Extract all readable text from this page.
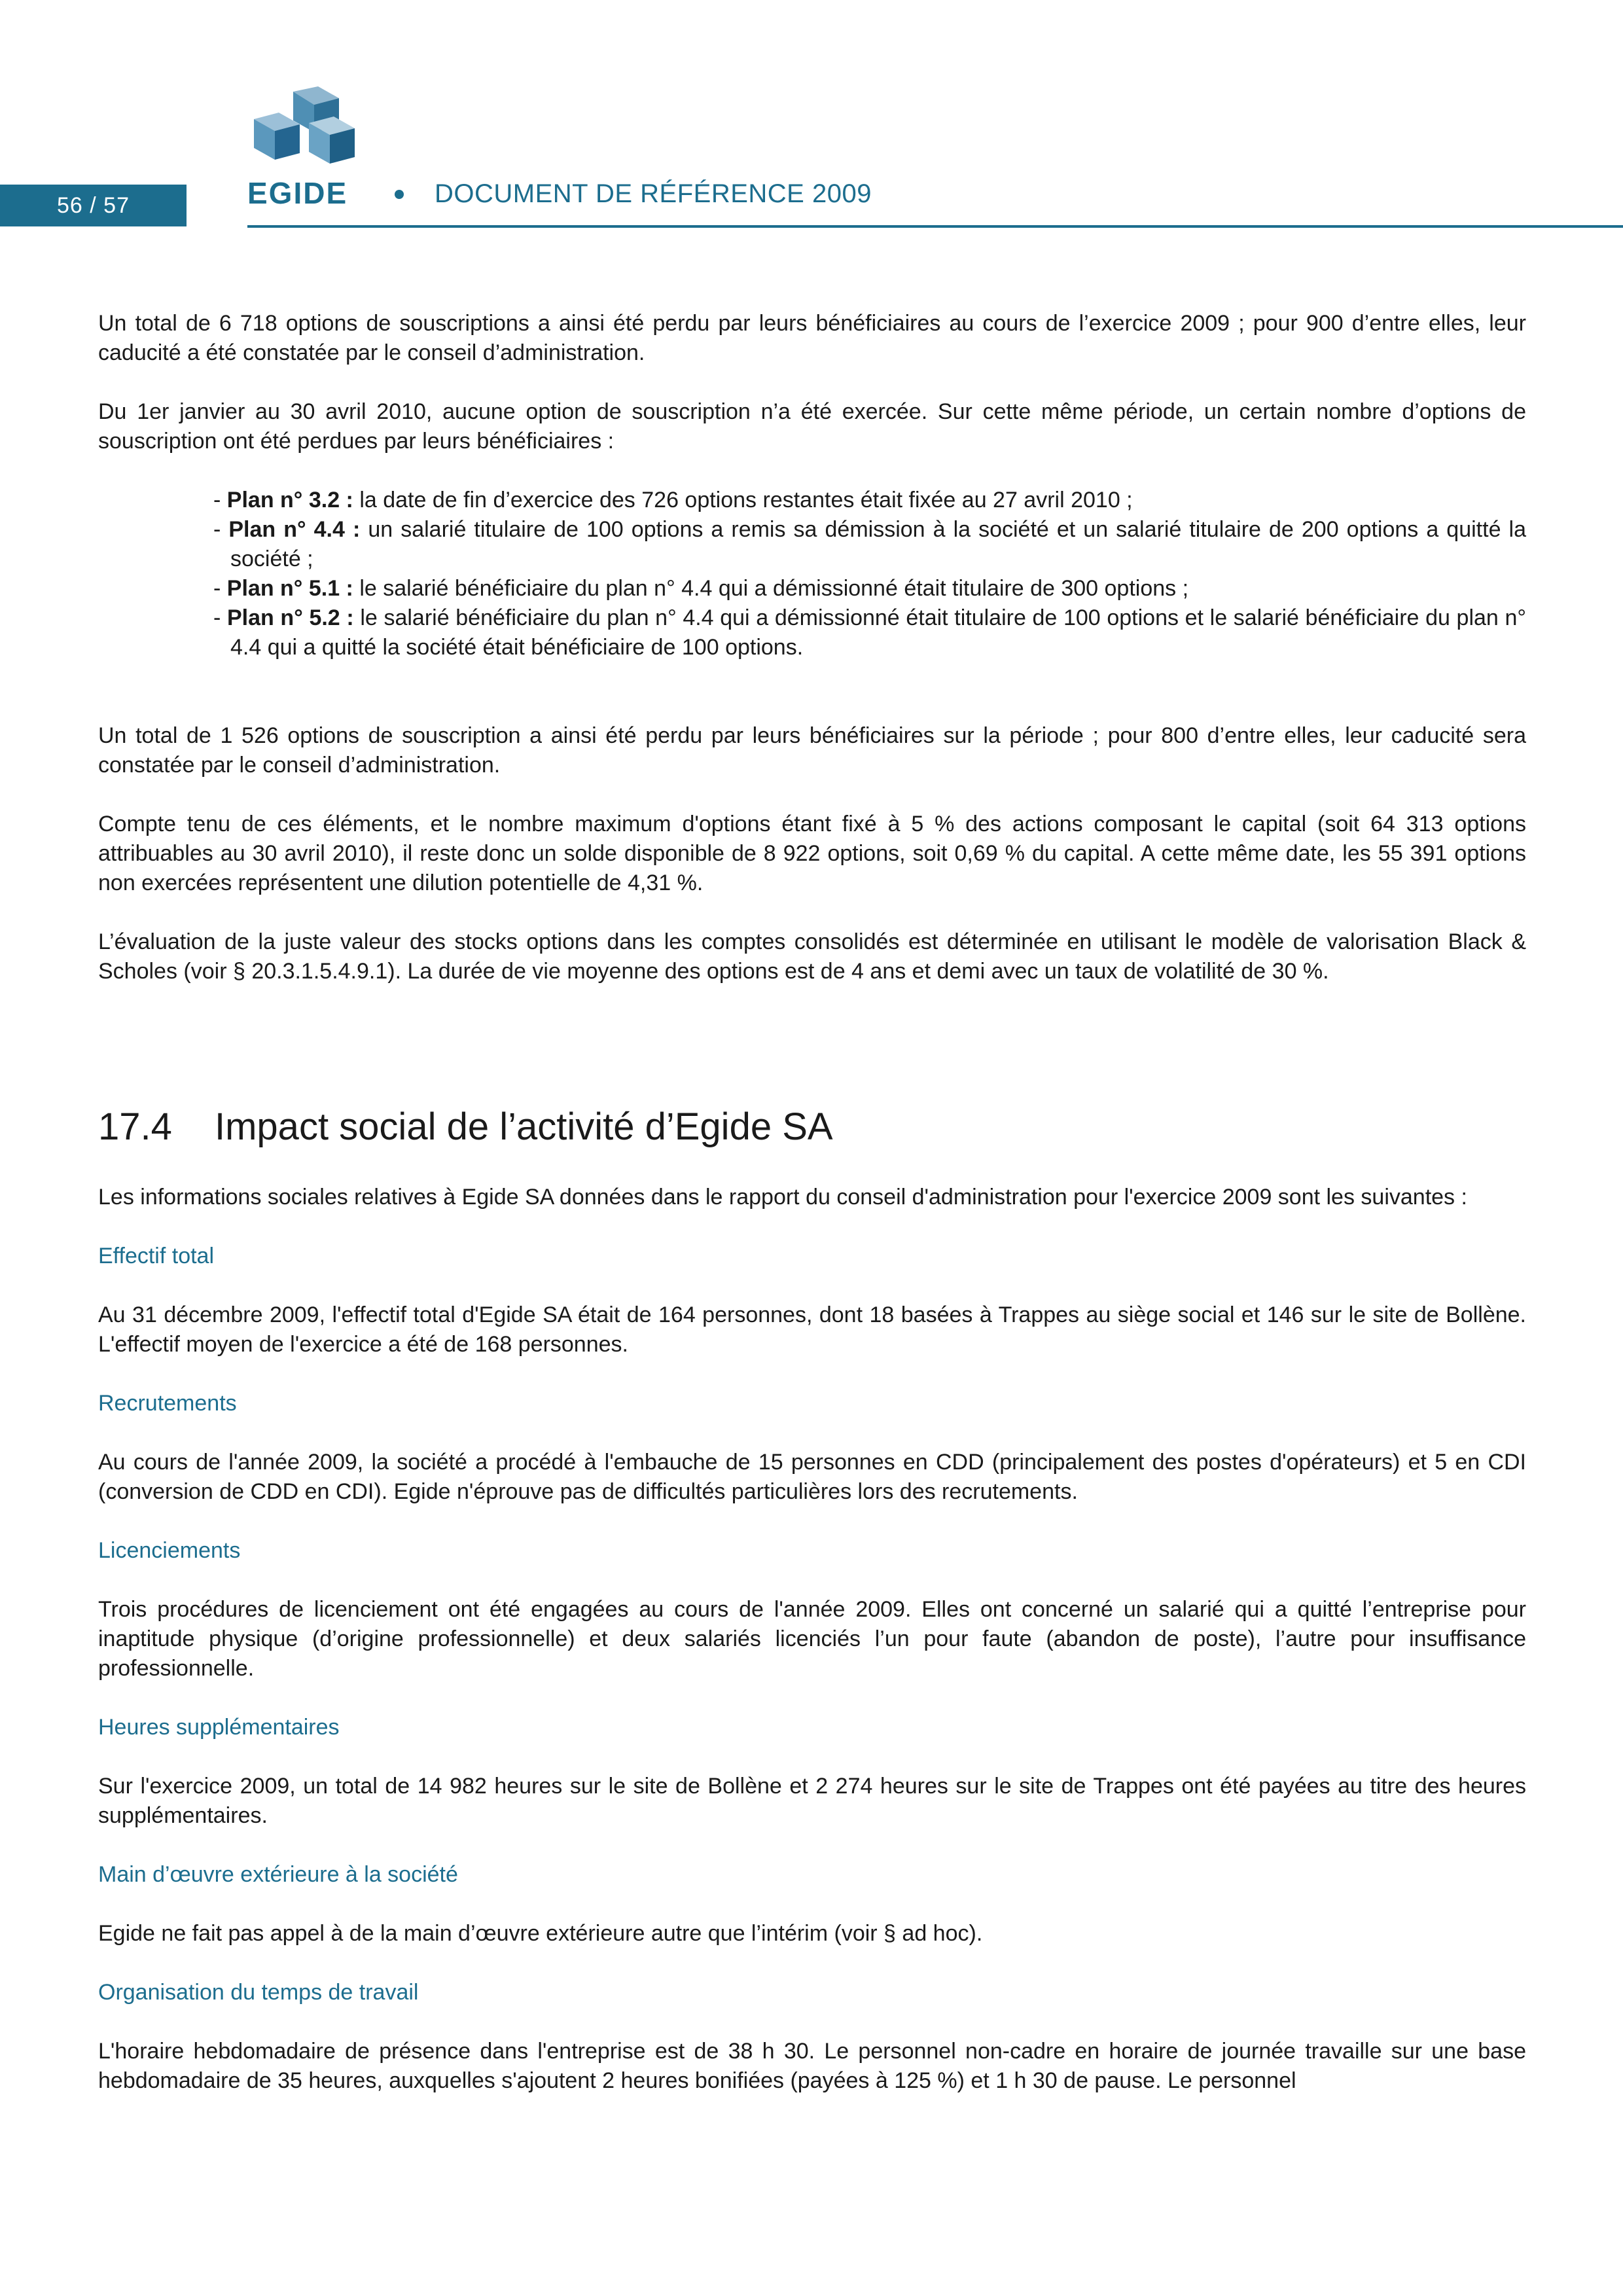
56 / 57	EGIDE	DOCUMENT DE RÉFÉRENCE 2009

Un total de 6 718 options de souscriptions a ainsi été perdu par leurs bénéficiaires au cours de l’exercice 2009 ; pour 900 d’entre elles, leur caducité a été constatée par le conseil d’administration.

Du 1er janvier au 30 avril 2010, aucune option de souscription n’a été exercée. Sur cette même période, un certain nombre d’options de souscription ont été perdues par leurs bénéficiaires :

- Plan n° 3.2 : la date de fin d’exercice des 726 options restantes était fixée au 27 avril 2010 ;
- Plan n° 4.4 : un salarié titulaire de 100 options a remis sa démission à la société et un salarié titulaire de 200 options a quitté la société ;
- Plan n° 5.1 : le salarié bénéficiaire du plan n° 4.4 qui a démissionné était titulaire de 300 options ;
- Plan n° 5.2 : le salarié bénéficiaire du plan n° 4.4 qui a démissionné était titulaire de 100 options et le salarié bénéficiaire du plan n° 4.4 qui a quitté la société était bénéficiaire de 100 options.

Un total de 1 526 options de souscription a ainsi été perdu par leurs bénéficiaires sur la période ; pour 800 d’entre elles, leur caducité sera constatée par le conseil d’administration.

Compte tenu de ces éléments, et le nombre maximum d'options étant fixé à 5 % des actions composant le capital (soit 64 313 options attribuables au 30 avril 2010), il reste donc un solde disponible de 8 922 options, soit 0,69 % du capital. A cette même date, les 55 391 options non exercées représentent une dilution potentielle de 4,31 %.

L’évaluation de la juste valeur des stocks options dans les comptes consolidés est déterminée en utilisant le modèle de valorisation Black & Scholes (voir § 20.3.1.5.4.9.1). La durée de vie moyenne des options est de 4 ans et demi avec un taux de volatilité de 30 %.

17.4 Impact social de l’activité d’Egide SA

Les informations sociales relatives à Egide SA données dans le rapport du conseil d'administration pour l'exercice 2009 sont les suivantes :

Effectif total

Au 31 décembre 2009, l'effectif total d'Egide SA était de 164 personnes, dont 18 basées à Trappes au siège social et 146 sur le site de Bollène. L'effectif moyen de l'exercice a été de 168 personnes.

Recrutements

Au cours de l'année 2009, la société a procédé à l'embauche de 15 personnes en CDD (principalement des postes d'opérateurs) et 5 en CDI (conversion de CDD en CDI). Egide n'éprouve pas de difficultés particulières lors des recrutements.

Licenciements

Trois procédures de licenciement ont été engagées au cours de l'année 2009. Elles ont concerné un salarié qui a quitté l’entreprise pour inaptitude physique (d’origine professionnelle) et deux salariés licenciés l’un pour faute (abandon de poste), l’autre pour insuffisance professionnelle.

Heures supplémentaires

Sur l'exercice 2009, un total de 14 982 heures sur le site de Bollène et 2 274 heures sur le site de Trappes ont été payées au titre des heures supplémentaires.

Main d’œuvre extérieure à la société

Egide ne fait pas appel à de la main d’œuvre extérieure autre que l’intérim (voir § ad hoc).

Organisation du temps de travail

L'horaire hebdomadaire de présence dans l'entreprise est de 38 h 30. Le personnel non-cadre en horaire de journée travaille sur une base hebdomadaire de 35 heures, auxquelles s'ajoutent 2 heures bonifiées (payées à 125 %) et 1 h 30 de pause. Le personnel
